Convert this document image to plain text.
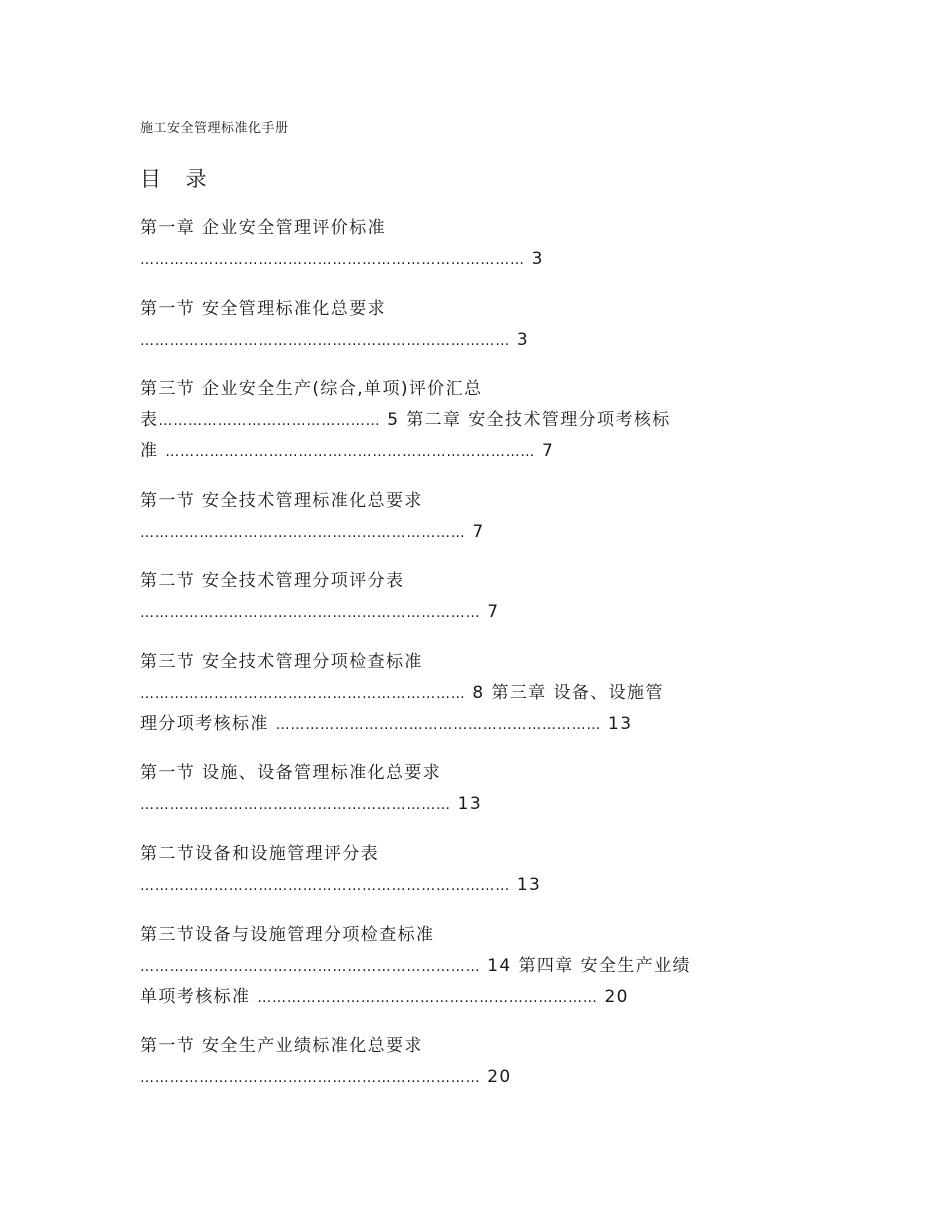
施工安全管理标准化手册
目 录
第一章 企业安全管理评价标准
…………………………………………………………………… 3
第一节 安全管理标准化总要求
………………………………………………………………… 3
第三节 企业安全生产(综合,单项)评价汇总
表……………………………………… 5 第二章 安全技术管理分项考核标
准 ………………………………………………………………… 7
第一节 安全技术管理标准化总要求
………………………………………………………… 7
第二节 安全技术管理分项评分表
…………………………………………………………… 7
第三节 安全技术管理分项检查标准
………………………………………………………… 8 第三章 设备、设施管
理分项考核标准 ………………………………………………………… 13
第一节 设施、设备管理标准化总要求
……………………………………………………… 13
第二节设备和设施管理评分表
………………………………………………………………… 13
第三节设备与设施管理分项检查标准
…………………………………………………………… 14 第四章 安全生产业绩
单项考核标准 …………………………………………………………… 20
第一节 安全生产业绩标准化总要求
…………………………………………………………… 20
